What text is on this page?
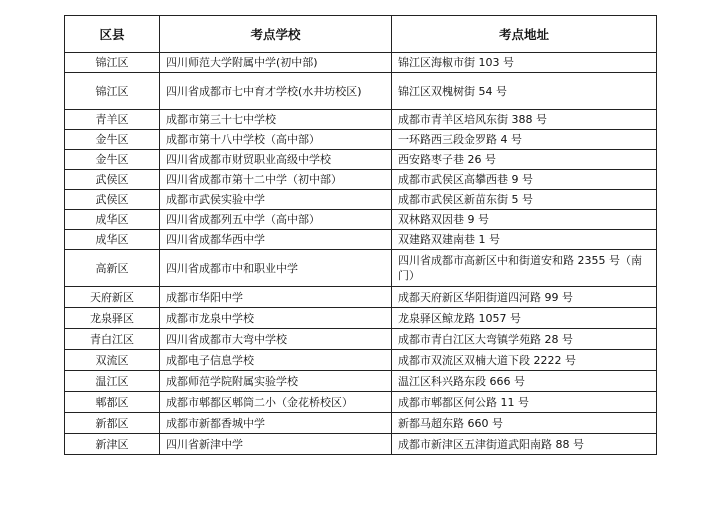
区县	考点学校	考点地址
锦江区	四川师范大学附属中学(初中部)	锦江区海椒市街 103 号
锦江区	四川省成都市七中育才学校(水井坊校区)	锦江区双槐树街 54 号
青羊区	成都市第三十七中学校	成都市青羊区培风东街 388 号
金牛区	成都市第十八中学校（高中部）	一环路西三段金罗路 4 号
金牛区	四川省成都市财贸职业高级中学校	西安路枣子巷 26 号
武侯区	四川省成都市第十二中学（初中部）	成都市武侯区高攀西巷 9 号
武侯区	成都市武侯实验中学	成都市武侯区新苗东街 5 号
成华区	四川省成都列五中学（高中部）	双林路双因巷 9 号
成华区	四川省成都华西中学	双建路双建南巷 1 号
高新区	四川省成都市中和职业中学	四川省成都市高新区中和街道安和路 2355 号（南门）
天府新区	成都市华阳中学	成都天府新区华阳街道四河路 99 号
龙泉驿区	成都市龙泉中学校	龙泉驿区鲸龙路 1057 号
青白江区	四川省成都市大弯中学校	成都市青白江区大弯镇学苑路 28 号
双流区	成都电子信息学校	成都市双流区双楠大道下段 2222 号
温江区	成都师范学院附属实验学校	温江区科兴路东段 666 号
郫都区	成都市郫都区郫筒二小（金花桥校区）	成都市郫都区何公路 11 号
新都区	成都市新都香城中学	新都马超东路 660 号
新津区	四川省新津中学	成都市新津区五津街道武阳南路 88 号
